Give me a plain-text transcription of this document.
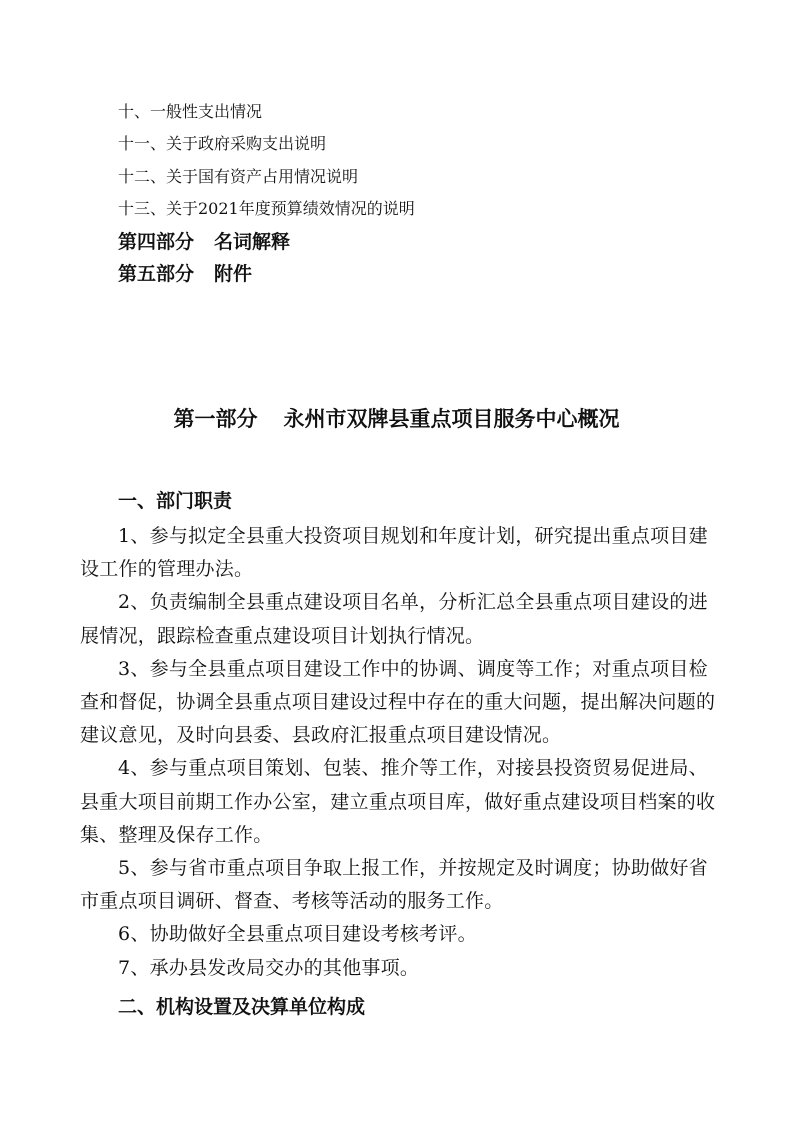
十、一般性支出情况
十一、关于政府采购支出说明
十二、关于国有资产占用情况说明
十三、关于2021年度预算绩效情况的说明
第四部分 名词解释
第五部分 附件
第一部分 永州市双牌县重点项目服务中心概况
一、部门职责

1、参与拟定全县重大投资项目规划和年度计划，研究提出重点项目建设工作的管理办法。

2、负责编制全县重点建设项目名单，分析汇总全县重点项目建设的进展情况，跟踪检查重点建设项目计划执行情况。

3、参与全县重点项目建设工作中的协调、调度等工作；对重点项目检查和督促，协调全县重点项目建设过程中存在的重大问题，提出解决问题的建议意见，及时向县委、县政府汇报重点项目建设情况。

4、参与重点项目策划、包装、推介等工作，对接县投资贸易促进局、县重大项目前期工作办公室，建立重点项目库，做好重点建设项目档案的收集、整理及保存工作。

5、参与省市重点项目争取上报工作，并按规定及时调度；协助做好省市重点项目调研、督查、考核等活动的服务工作。

6、协助做好全县重点项目建设考核考评。

7、承办县发改局交办的其他事项。

二、机构设置及决算单位构成
